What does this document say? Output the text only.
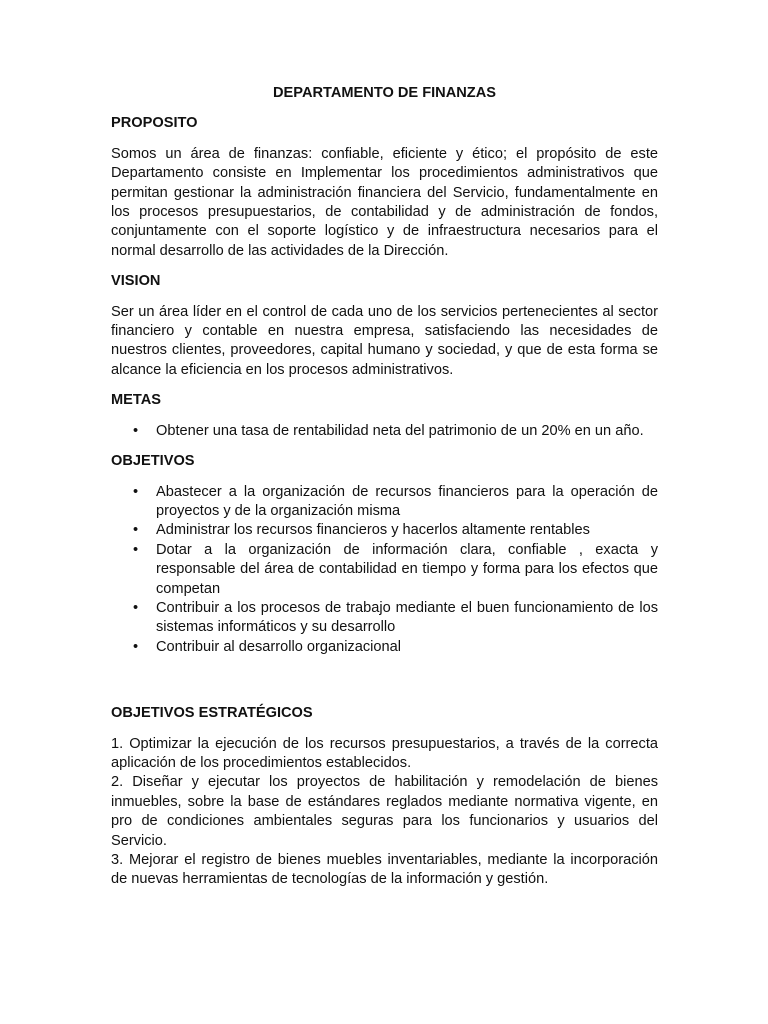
DEPARTAMENTO DE FINANZAS
PROPOSITO

Somos un área de finanzas: confiable, eficiente y ético; el propósito de este Departamento consiste en Implementar los procedimientos administrativos que permitan gestionar la administración financiera del Servicio, fundamentalmente en los procesos presupuestarios, de contabilidad y de administración de fondos, conjuntamente con el soporte logístico y de infraestructura necesarios para el normal desarrollo de las actividades de la Dirección.

VISION

Ser un área líder en el control de cada uno de los servicios pertenecientes al sector financiero y contable en nuestra empresa, satisfaciendo las necesidades de nuestros clientes, proveedores, capital humano y sociedad, y que de esta forma se alcance la eficiencia en los procesos administrativos.

METAS
• Obtener una tasa de rentabilidad neta del patrimonio de un 20% en un año.
OBJETIVOS
• Abastecer a la organización de recursos financieros para la operación de proyectos y de la organización misma
• Administrar los recursos financieros y hacerlos altamente rentables
• Dotar a la organización de información clara, confiable , exacta y responsable del área de contabilidad en tiempo y forma para los efectos que competan
• Contribuir a los procesos de trabajo mediante el buen funcionamiento de los sistemas informáticos y su desarrollo
• Contribuir al desarrollo organizacional
OBJETIVOS ESTRATÉGICOS

1. Optimizar la ejecución de los recursos presupuestarios, a través de la correcta aplicación de los procedimientos establecidos.

2. Diseñar y ejecutar los proyectos de habilitación y remodelación de bienes inmuebles, sobre la base de estándares reglados mediante normativa vigente, en pro de condiciones ambientales seguras para los funcionarios y usuarios del Servicio.

3. Mejorar el registro de bienes muebles inventariables, mediante la incorporación de nuevas herramientas de tecnologías de la información y gestión.
